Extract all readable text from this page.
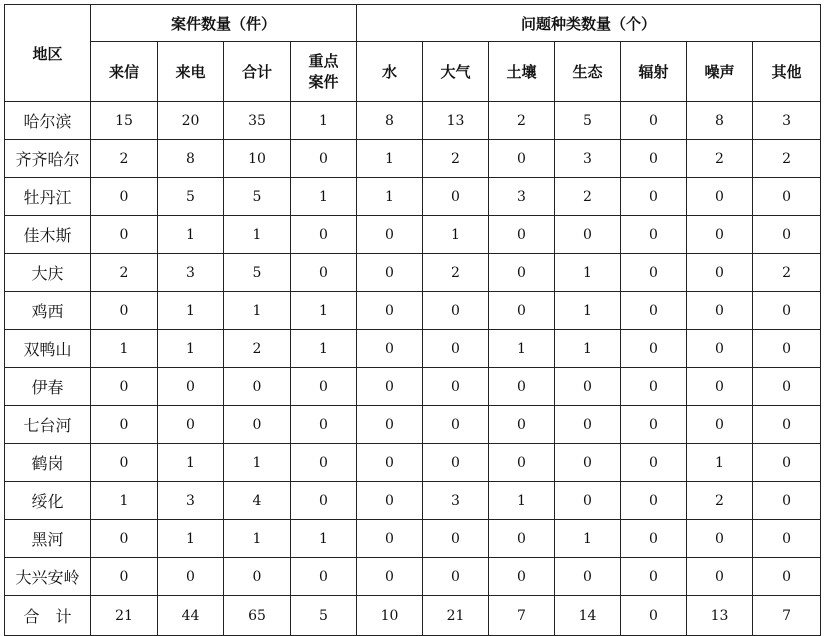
地区	案件数量（件）				问题种类数量（个）						
	来信	来电	合计	重点案件	水	大气	土壤	生态	辐射	噪声	其他
哈尔滨	15	20	35	1	8	13	2	5	0	8	3
齐齐哈尔	2	8	10	0	1	2	0	3	0	2	2
牡丹江	0	5	5	1	1	0	3	2	0	0	0
佳木斯	0	1	1	0	0	1	0	0	0	0	0
大庆	2	3	5	0	0	2	0	1	0	0	2
鸡西	0	1	1	1	0	0	0	1	0	0	0
双鸭山	1	1	2	1	0	0	1	1	0	0	0
伊春	0	0	0	0	0	0	0	0	0	0	0
七台河	0	0	0	0	0	0	0	0	0	0	0
鹤岗	0	1	1	0	0	0	0	0	0	1	0
绥化	1	3	4	0	0	3	1	0	0	2	0
黑河	0	1	1	1	0	0	0	1	0	0	0
大兴安岭	0	0	0	0	0	0	0	0	0	0	0
合　计	21	44	65	5	10	21	7	14	0	13	7
